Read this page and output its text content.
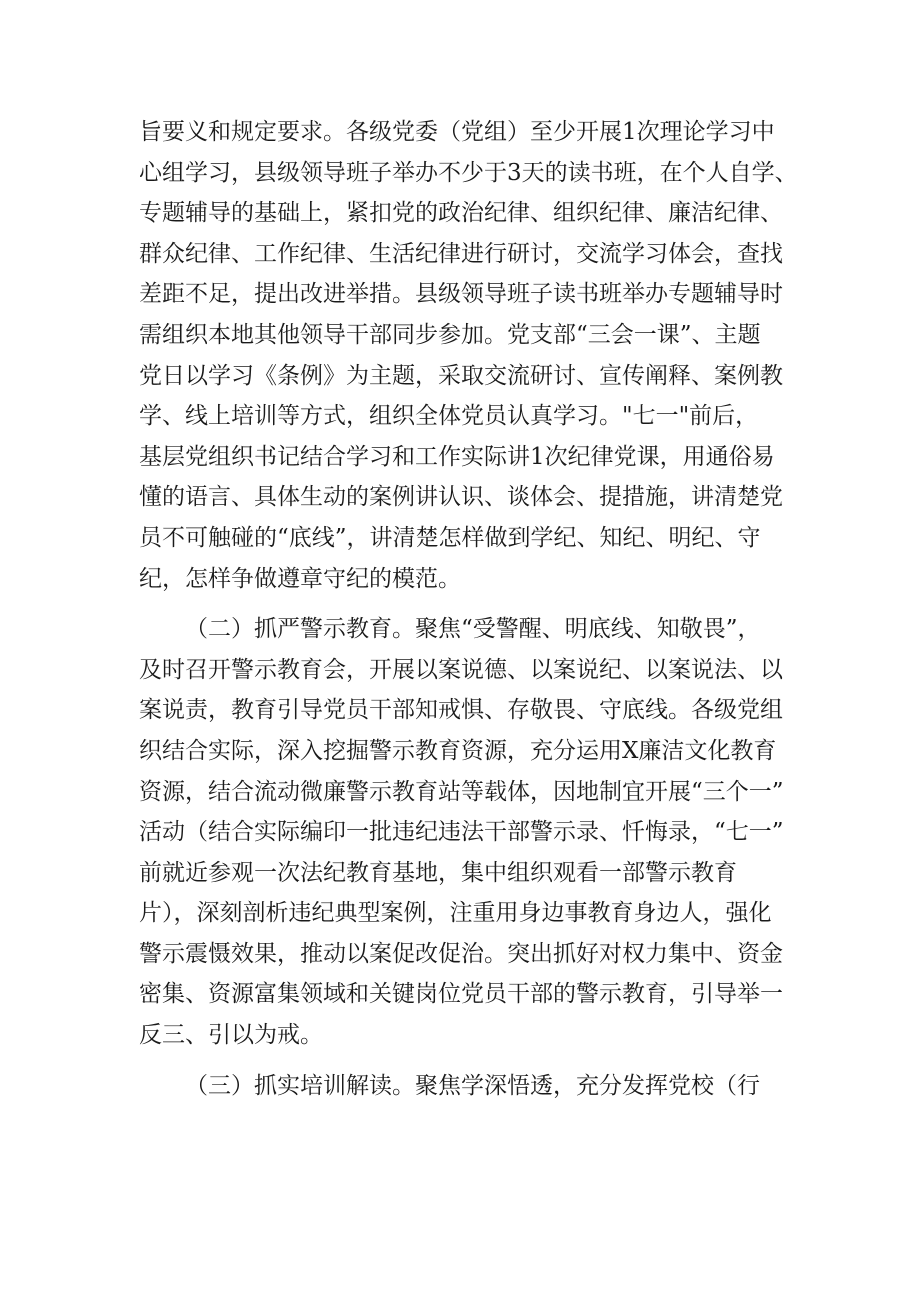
旨要义和规定要求。各级党委（党组）至少开展1次理论学习中
心组学习，县级领导班子举办不少于3天的读书班，在个人自学、
专题辅导的基础上，紧扣党的政治纪律、组织纪律、廉洁纪律、
群众纪律、工作纪律、生活纪律进行研讨，交流学习体会，查找
差距不足，提出改进举措。县级领导班子读书班举办专题辅导时
需组织本地其他领导干部同步参加。党支部“三会一课”、主题
党日以学习《条例》为主题，采取交流研讨、宣传阐释、案例教
学、线上培训等方式，组织全体党员认真学习。"七一"前后，
基层党组织书记结合学习和工作实际讲1次纪律党课，用通俗易
懂的语言、具体生动的案例讲认识、谈体会、提措施，讲清楚党
员不可触碰的“底线”，讲清楚怎样做到学纪、知纪、明纪、守
纪，怎样争做遵章守纪的模范。
（二）抓严警示教育。聚焦“受警醒、明底线、知敬畏”，
及时召开警示教育会，开展以案说德、以案说纪、以案说法、以
案说责，教育引导党员干部知戒惧、存敬畏、守底线。各级党组
织结合实际，深入挖掘警示教育资源，充分运用X廉洁文化教育
资源，结合流动微廉警示教育站等载体，因地制宜开展“三个一”
活动（结合实际编印一批违纪违法干部警示录、忏悔录，“七一”
前就近参观一次法纪教育基地，集中组织观看一部警示教育
片），深刻剖析违纪典型案例，注重用身边事教育身边人，强化
警示震慑效果，推动以案促改促治。突出抓好对权力集中、资金
密集、资源富集领域和关键岗位党员干部的警示教育，引导举一
反三、引以为戒。
（三）抓实培训解读。聚焦学深悟透，充分发挥党校（行
